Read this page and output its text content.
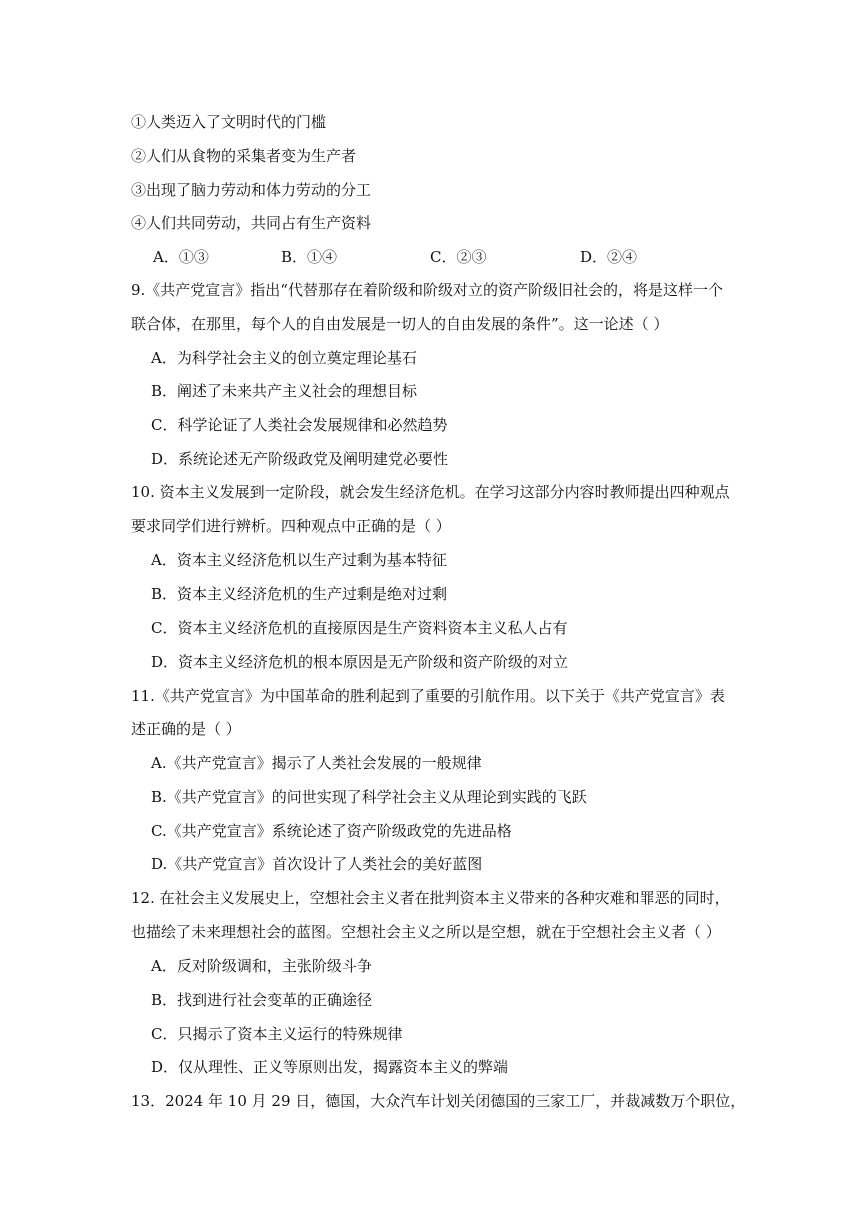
①人类迈入了文明时代的门槛
②人们从食物的采集者变为生产者
③出现了脑力劳动和体力劳动的分工
④人们共同劳动，共同占有生产资料
A．①③	B．①④	C．②③	D．②④
9.《共产党宣言》指出“代替那存在着阶级和阶级对立的资产阶级旧社会的，将是这样一个
联合体，在那里，每个人的自由发展是一切人的自由发展的条件”。这一论述（ ）
A．为科学社会主义的创立奠定理论基石
B．阐述了未来共产主义社会的理想目标
C．科学论证了人类社会发展规律和必然趋势
D．系统论述无产阶级政党及阐明建党必要性
10. 资本主义发展到一定阶段，就会发生经济危机。在学习这部分内容时教师提出四种观点
要求同学们进行辨析。四种观点中正确的是（ ）
A．资本主义经济危机以生产过剩为基本特征
B．资本主义经济危机的生产过剩是绝对过剩
C．资本主义经济危机的直接原因是生产资料资本主义私人占有
D．资本主义经济危机的根本原因是无产阶级和资产阶级的对立
11.《共产党宣言》为中国革命的胜利起到了重要的引航作用。以下关于《共产党宣言》表
述正确的是（ ）
A.《共产党宣言》揭示了人类社会发展的一般规律
B.《共产党宣言》的问世实现了科学社会主义从理论到实践的飞跃
C.《共产党宣言》系统论述了资产阶级政党的先进品格
D.《共产党宣言》首次设计了人类社会的美好蓝图
12. 在社会主义发展史上，空想社会主义者在批判资本主义带来的各种灾难和罪恶的同时，
也描绘了未来理想社会的蓝图。空想社会主义之所以是空想，就在于空想社会主义者（ ）
A．反对阶级调和，主张阶级斗争
B．找到进行社会变革的正确途径
C．只揭示了资本主义运行的特殊规律
D．仅从理性、正义等原则出发，揭露资本主义的弊端
13．2024 年 10 月 29 日，德国，大众汽车计划关闭德国的三家工厂，并裁减数万个职位，
